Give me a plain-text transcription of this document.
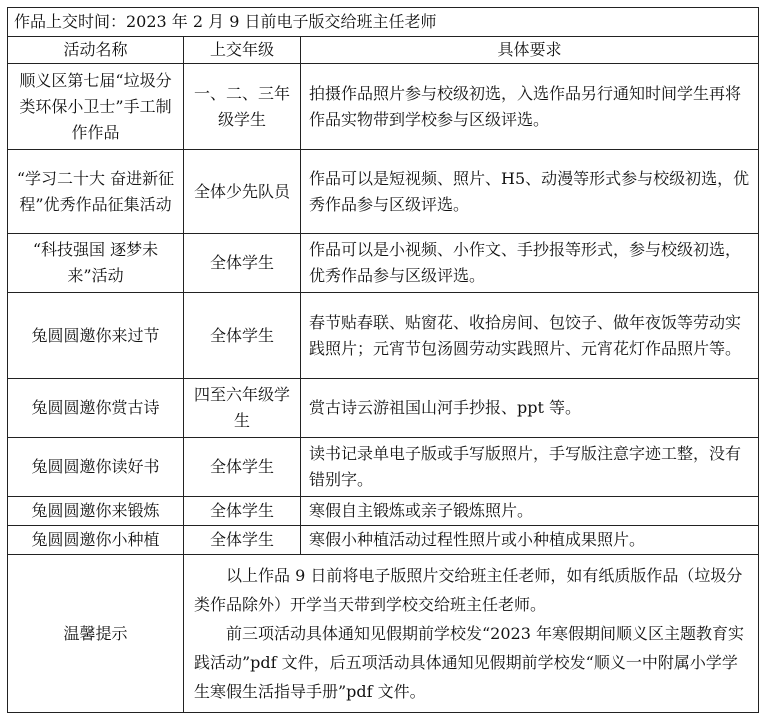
作品上交时间：2023 年 2 月 9 日前电子版交给班主任老师		
活动名称	上交年级	具体要求
顺义区第七届“垃圾分类环保小卫士”手工制作作品	一、二、三年级学生	拍摄作品照片参与校级初选，入选作品另行通知时间学生再将作品实物带到学校参与区级评选。
“学习二十大 奋进新征程”优秀作品征集活动	全体少先队员	作品可以是短视频、照片、H5、动漫等形式参与校级初选，优秀作品参与区级评选。
“科技强国 逐梦未来”活动	全体学生	作品可以是小视频、小作文、手抄报等形式，参与校级初选，优秀作品参与区级评选。
兔圆圆邀你来过节	全体学生	春节贴春联、贴窗花、收拾房间、包饺子、做年夜饭等劳动实践照片；元宵节包汤圆劳动实践照片、元宵花灯作品照片等。
兔圆圆邀你赏古诗	四至六年级学生	赏古诗云游祖国山河手抄报、ppt 等。
兔圆圆邀你读好书	全体学生	读书记录单电子版或手写版照片，手写版注意字迹工整，没有错别字。
兔圆圆邀你来锻炼	全体学生	寒假自主锻炼或亲子锻炼照片。
兔圆圆邀你小种植	全体学生	寒假小种植活动过程性照片或小种植成果照片。
温馨提示	以上作品 9 日前将电子版照片交给班主任老师，如有纸质版作品（垃圾分类作品除外）开学当天带到学校交给班主任老师。

前三项活动具体通知见假期前学校发“2023 年寒假期间顺义区主题教育实践活动”pdf 文件，后五项活动具体通知见假期前学校发“顺义一中附属小学学生寒假生活指导手册”pdf 文件。	
